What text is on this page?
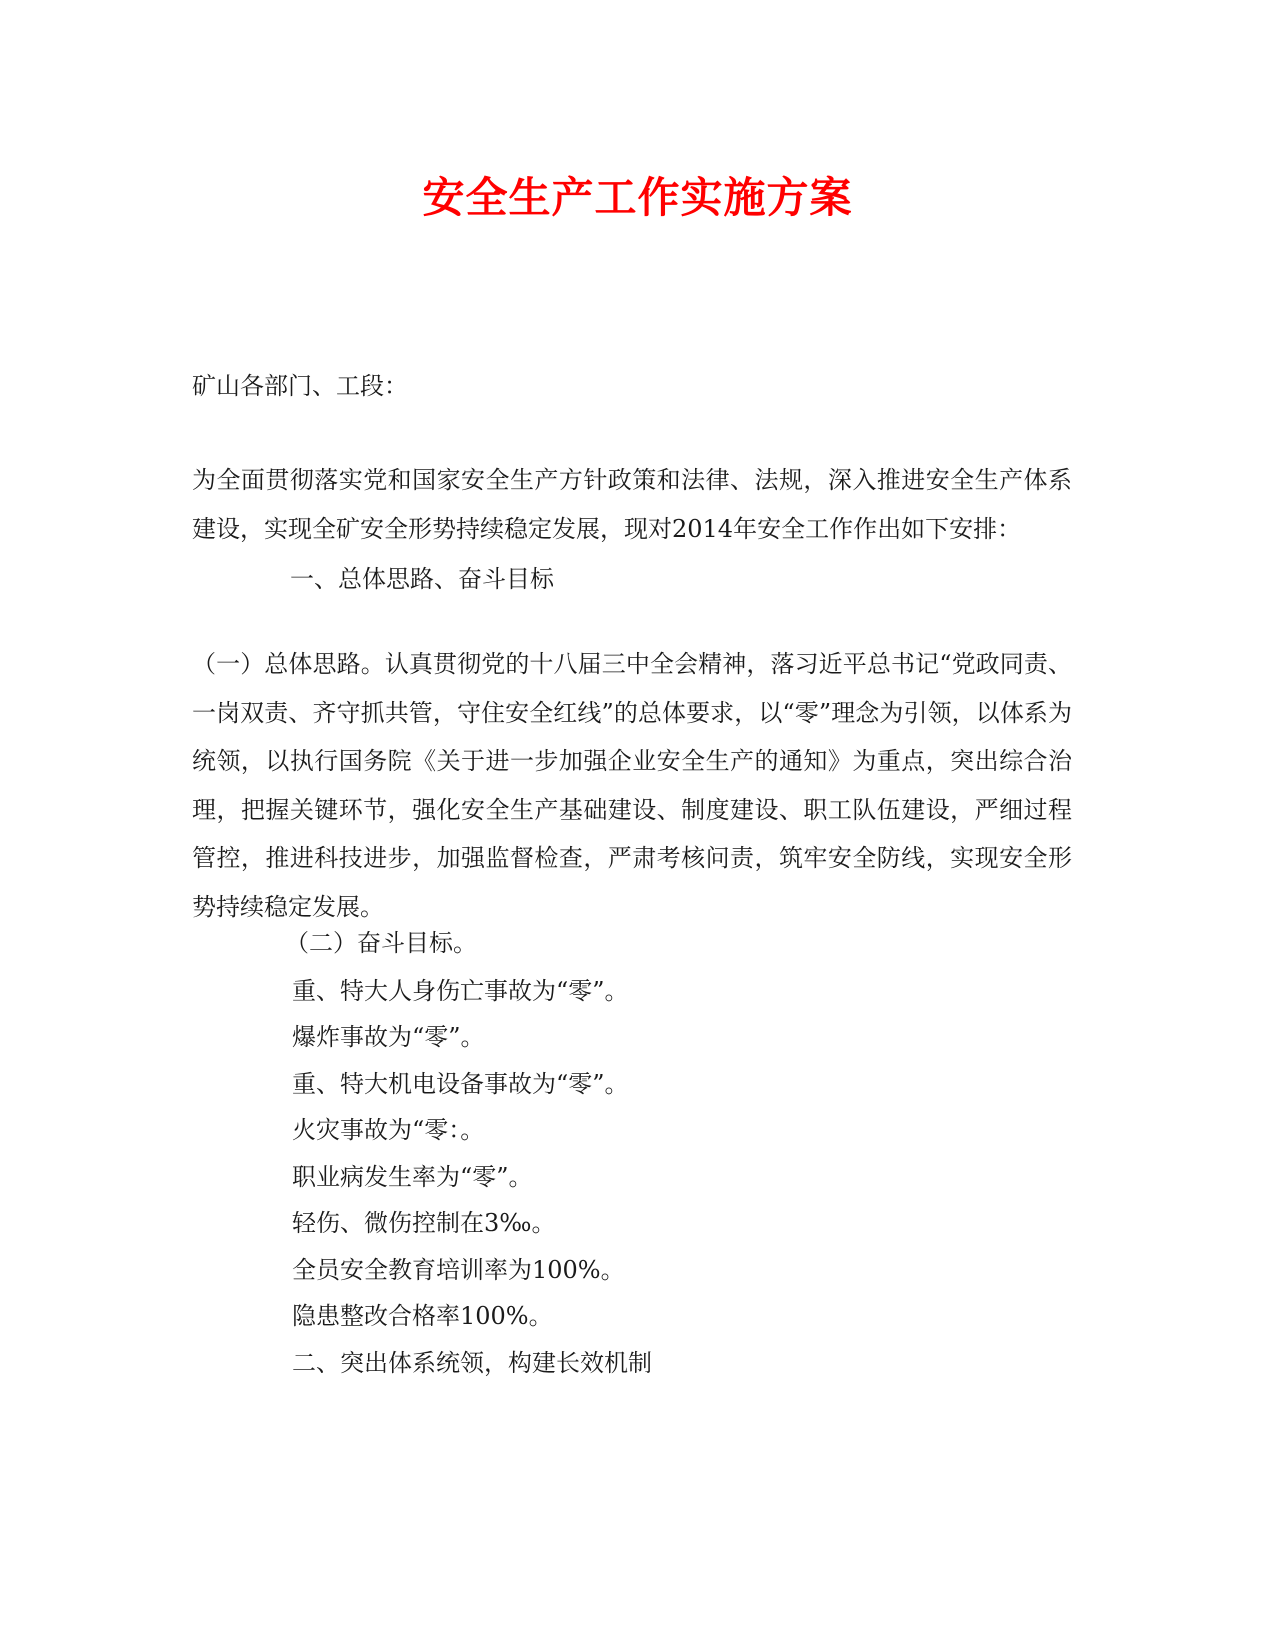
安全生产工作实施方案
矿山各部门、工段：
为全面贯彻落实党和国家安全生产方针政策和法律、法规，深入推进安全生产体系建设，实现全矿安全形势持续稳定发展，现对2014年安全工作作出如下安排：
一、总体思路、奋斗目标
（一）总体思路。认真贯彻党的十八届三中全会精神，落习近平总书记“党政同责、一岗双责、齐守抓共管，守住安全红线”的总体要求，以“零”理念为引领，以体系为统领，以执行国务院《关于进一步加强企业安全生产的通知》为重点，突出综合治理，把握关键环节，强化安全生产基础建设、制度建设、职工队伍建设，严细过程管控，推进科技进步，加强监督检查，严肃考核问责，筑牢安全防线，实现安全形势持续稳定发展。
（二）奋斗目标。
重、特大人身伤亡事故为“零”。
爆炸事故为“零”。
重、特大机电设备事故为“零”。
火灾事故为“零：。
职业病发生率为“零”。
轻伤、微伤控制在3‰。
全员安全教育培训率为100%。
隐患整改合格率100%。
二、突出体系统领，构建长效机制
